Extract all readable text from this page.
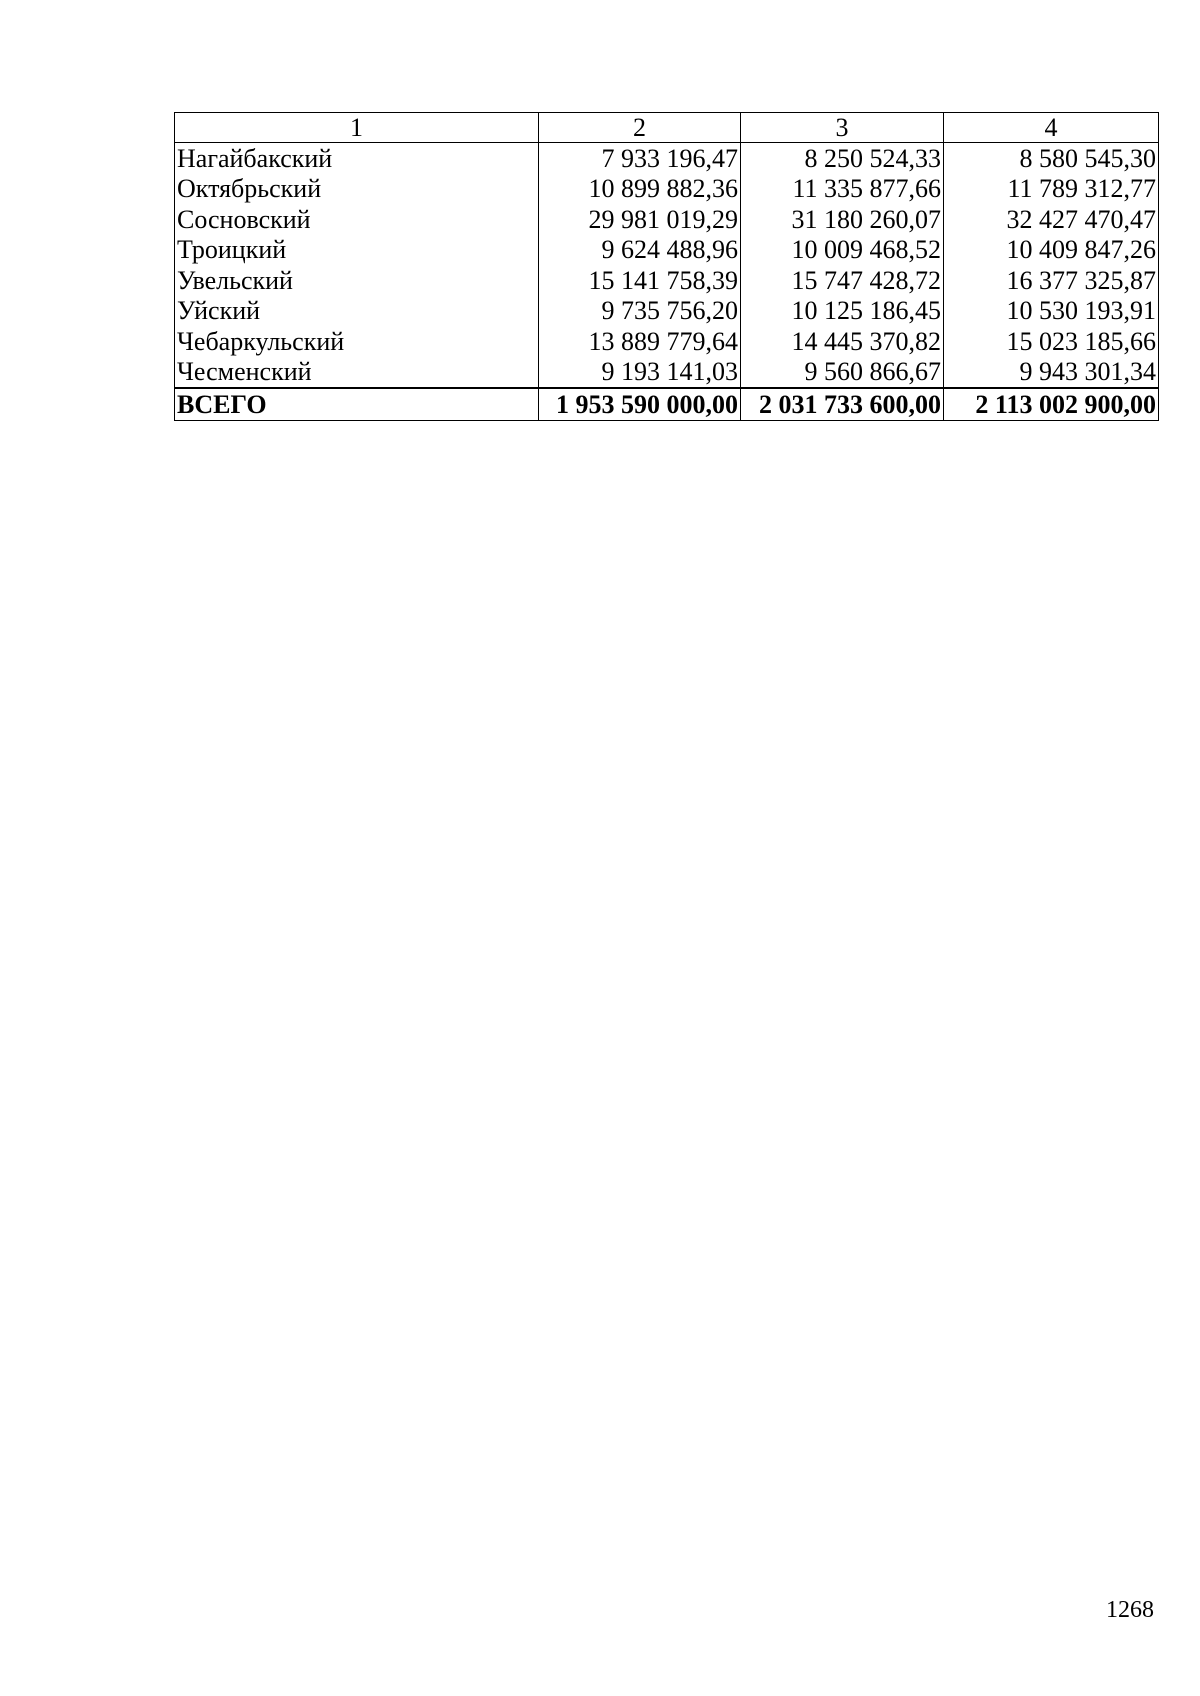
1	2	3	4
Нагайбакский	7 933 196,47	8 250 524,33	8 580 545,30
Октябрьский	10 899 882,36	11 335 877,66	11 789 312,77
Сосновский	29 981 019,29	31 180 260,07	32 427 470,47
Троицкий	9 624 488,96	10 009 468,52	10 409 847,26
Увельский	15 141 758,39	15 747 428,72	16 377 325,87
Уйский	9 735 756,20	10 125 186,45	10 530 193,91
Чебаркульский	13 889 779,64	14 445 370,82	15 023 185,66
Чесменский	9 193 141,03	9 560 866,67	9 943 301,34
ВСЕГО	1 953 590 000,00	2 031 733 600,00	2 113 002 900,00
1268
